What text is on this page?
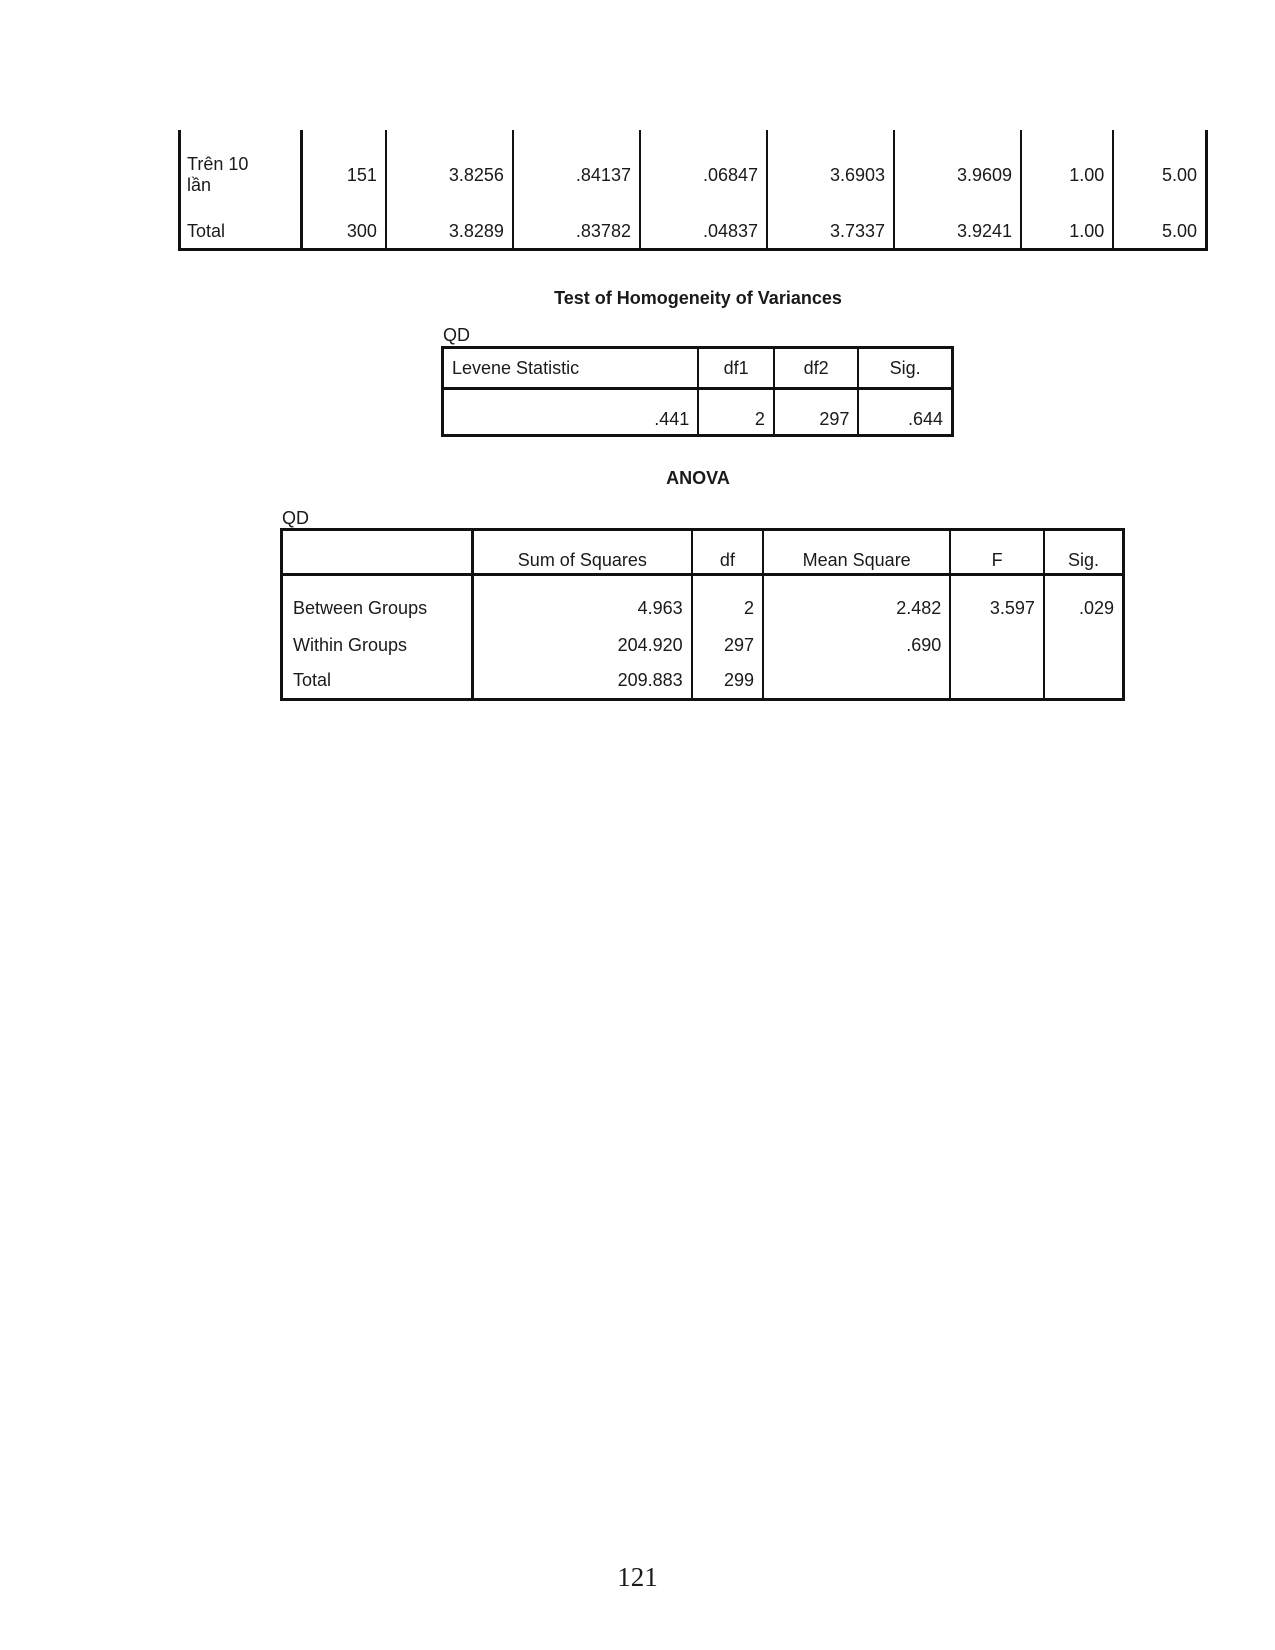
Trên 10
lần	151	3.8256	.84137	.06847	3.6903	3.9609	1.00	5.00
Total	300	3.8289	.83782	.04837	3.7337	3.9241	1.00	5.00
Test of Homogeneity of Variances
QD
Levene Statistic	df1	df2	Sig.
.441	2	297	.644
ANOVA
QD
	Sum of Squares	df	Mean Square	F	Sig.
Between Groups	4.963	2	2.482	3.597	.029
Within Groups	204.920	297	.690		
Total	209.883	299			
121
